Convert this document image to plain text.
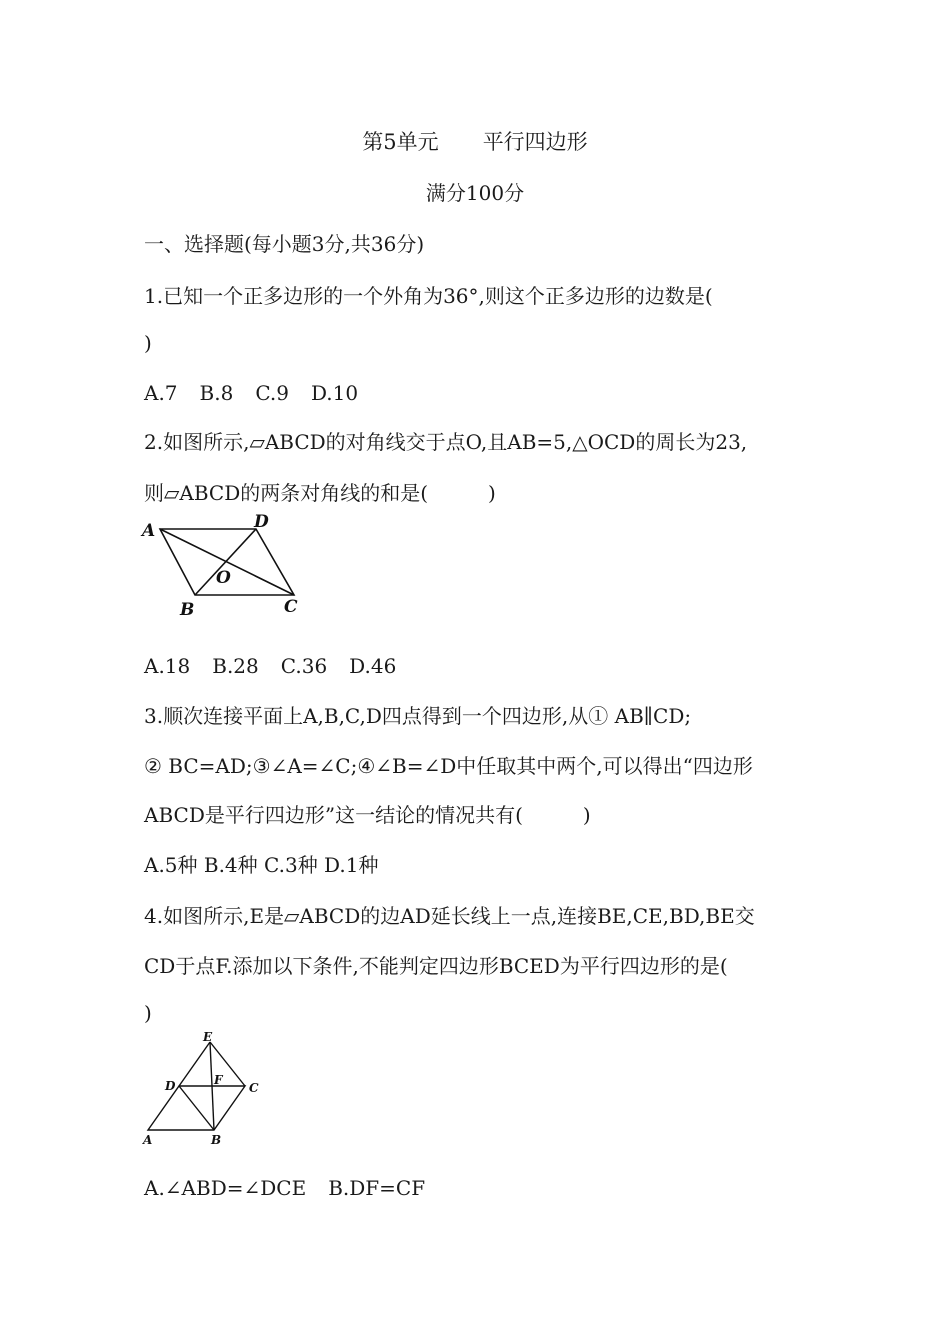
第5单元 平行四边形
满分100分
一、选择题(每小题3分,共36分)
1.已知一个正多边形的一个外角为36°,则这个正多边形的边数是(
)
A.7 B.8 C.9 D.10
2.如图所示,▱ABCD的对角线交于点O,且AB=5,△OCD的周长为23,
则▱ABCD的两条对角线的和是(	)
A	D
O
B	C
A.18 B.28 C.36 D.46
3.顺次连接平面上A,B,C,D四点得到一个四边形,从① AB∥CD;
② BC=AD;③∠A=∠C;④∠B=∠D中任取其中两个,可以得出“四边形
ABCD是平行四边形”这一结论的情况共有(	)
A.5种 B.4种 C.3种 D.1种
4.如图所示,E是▱ABCD的边AD延长线上一点,连接BE,CE,BD,BE交
CD于点F.添加以下条件,不能判定四边形BCED为平行四边形的是(
)
E
D	F
C
A	B
A.∠ABD=∠DCE B.DF=CF
